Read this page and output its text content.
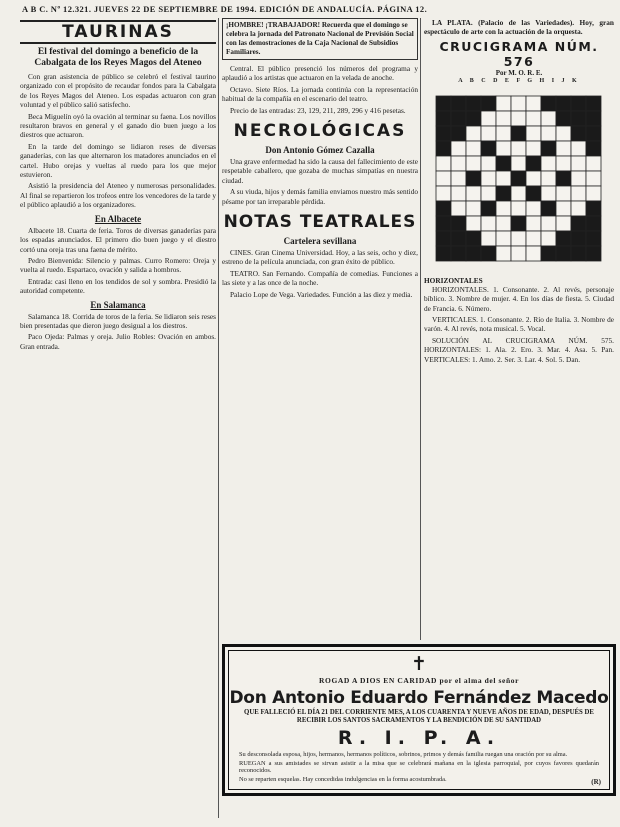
A B C. Nº 12.321. JUEVES 22 DE SEPTIEMBRE DE 1994. EDICIÓN DE ANDALUCÍA. PÁGINA 12.
TAURINAS
El festival del domingo a beneficio de la Cabalgata de los Reyes Magos del Ateneo

Con gran asistencia de público se celebró el festival taurino organizado con el propósito de recaudar fondos para la Cabalgata de los Reyes Magos del Ateneo. Los espadas actuaron con gran voluntad y el público salió satisfecho.

Beca Miguelín oyó la ovación al terminar su faena. Los novillos resultaron bravos en general y el ganado dio buen juego a los diestros que actuaron.

En la tarde del domingo se lidiaron reses de diversas ganaderías, con las que alternaron los matadores anunciados en el cartel. Hubo orejas y vueltas al ruedo para los que mejor estuvieron.

Asistió la presidencia del Ateneo y numerosas personalidades. Al final se repartieron los trofeos entre los vencedores de la tarde y el público aplaudió a los organizadores.

En Albacete

Albacete 18. Cuarta de feria. Toros de diversas ganaderías para los espadas anunciados. El primero dio buen juego y el diestro cortó una oreja tras una faena de mérito.

Pedro Bienvenida: Silencio y palmas. Curro Romero: Oreja y vuelta al ruedo. Espartaco, ovación y salida a hombros.

Entrada: casi lleno en los tendidos de sol y sombra. Presidió la autoridad competente.

En Salamanca

Salamanca 18. Corrida de toros de la feria. Se lidiaron seis reses bien presentadas que dieron juego desigual a los diestros.

Paco Ojeda: Palmas y oreja. Julio Robles: Ovación en ambos. Gran entrada.

¡HOMBRE! ¡TRABAJADOR! Recuerda que el domingo se celebra la jornada del Patronato Nacional de Previsión Social con las demostraciones de la Caja Nacional de Subsidios Familiares.

Central. El público presenció los números del programa y aplaudió a los artistas que actuaron en la velada de anoche.

Octavo. Siete Ríos. La jornada continúa con la representación habitual de la compañía en el escenario del teatro.

Precio de las entradas: 23, 129, 211, 289, 296 y 416 pesetas.

NECROLÓGICAS
Don Antonio Gómez Cazalla

Una grave enfermedad ha sido la causa del fallecimiento de este respetable caballero, que gozaba de muchas simpatías en nuestra ciudad.

A su viuda, hijos y demás familia enviamos nuestro más sentido pésame por tan irreparable pérdida.

NOTAS TEATRALES
Cartelera sevillana

CINES. Gran Cinema Universidad. Hoy, a las seis, ocho y diez, estreno de la película anunciada, con gran éxito de público.

TEATRO. San Fernando. Compañía de comedias. Funciones a las siete y a las once de la noche.

Palacio Lope de Vega. Variedades. Función a las diez y media.

LA PLATA. (Palacio de las Variedades). Hoy, gran espectáculo de arte con la actuación de la orquesta.

CRUCIGRAMA NÚM. 576
Por M. O. R. E.
A B C D E F G H I J K
HORIZONTALES

HORIZONTALES. 1. Consonante. 2. Al revés, personaje bíblico. 3. Nombre de mujer. 4. En los días de fiesta. 5. Ciudad de Francia. 6. Número.

VERTICALES. 1. Consonante. 2. Río de Italia. 3. Nombre de varón. 4. Al revés, nota musical. 5. Vocal.

SOLUCIÓN AL CRUCIGRAMA NÚM. 575. HORIZONTALES: 1. Ala. 2. Ero. 3. Mar. 4. Asa. 5. Pan. VERTICALES: 1. Amo. 2. Ser. 3. Lar. 4. Sol. 5. Dan.

✝
ROGAD A DIOS EN CARIDAD por el alma del señor
Don Antonio Eduardo Fernández Macedo
QUE FALLECIÓ EL DÍA 21 DEL CORRIENTE MES, A LOS CUARENTA Y NUEVE AÑOS DE EDAD, DESPUÉS DE RECIBIR LOS SANTOS SACRAMENTOS Y LA BENDICIÓN DE SU SANTIDAD
R. I. P. A.

Su desconsolada esposa, hijos, hermanos, hermanos políticos, sobrinos, primos y demás familia ruegan una oración por su alma.

RUEGAN a sus amistades se sirvan asistir a la misa que se celebrará mañana en la iglesia parroquial, por cuyos favores quedarán reconocidos.

No se reparten esquelas. Hay concedidas indulgencias en la forma acostumbrada.	(R)
